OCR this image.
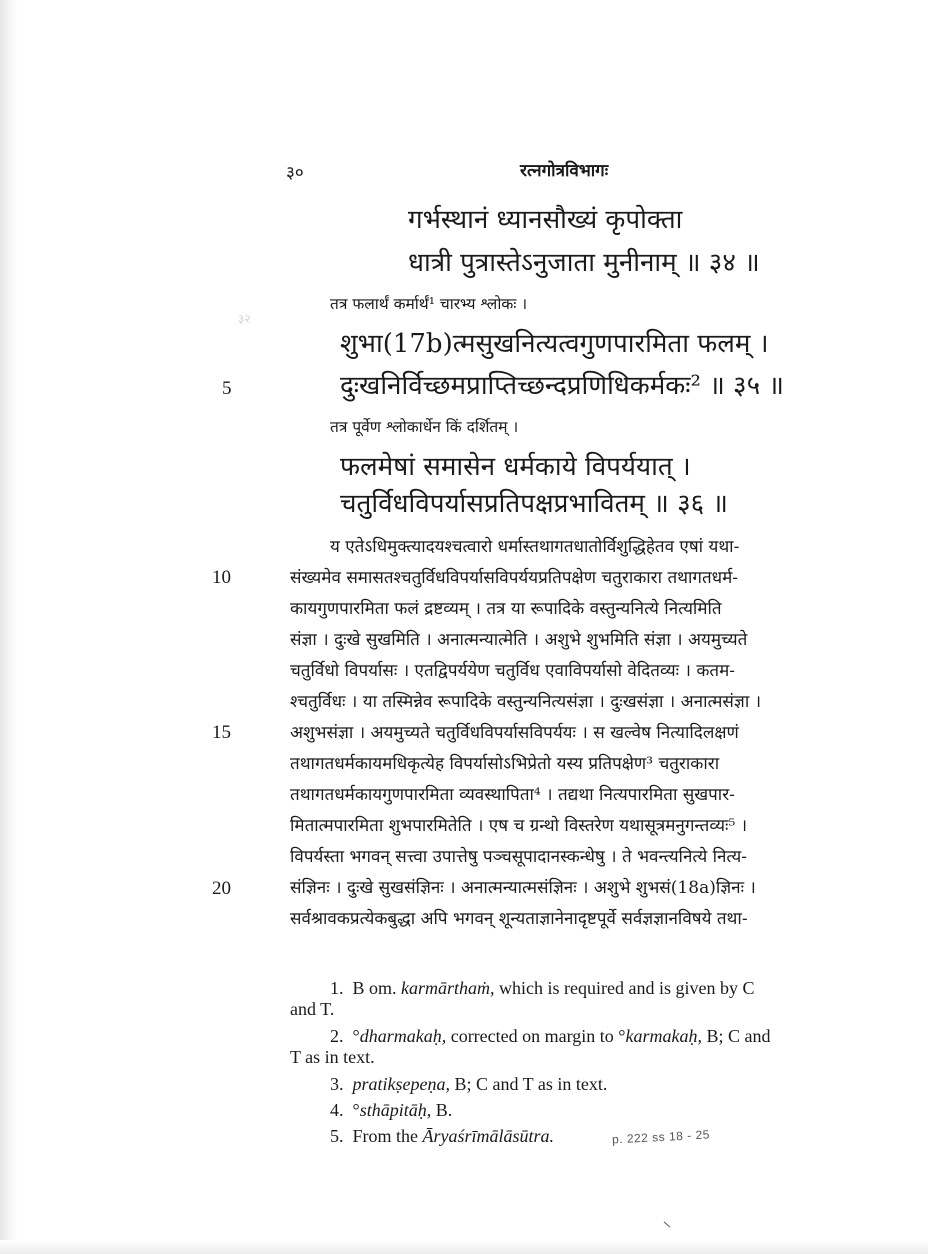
३०	रत्नगोत्रविभागः
३२
गर्भस्थानं ध्यानसौख्यं कृपोक्ता
धात्री पुत्रास्तेऽनुजाता मुनीनाम् ॥ ३४ ॥
तत्र फलार्थं कर्मार्थं¹ चारभ्य श्लोकः ।
शुभा(17b)त्मसुखनित्यत्वगुणपारमिता फलम् ।
दुःखनिर्विच्छमप्राप्तिच्छन्दप्रणिधिकर्मकः² ॥ ३५ ॥
तत्र पूर्वेण श्लोकार्धेन किं दर्शितम् ।
फलमेषां समासेन धर्मकाये विपर्ययात् ।
चतुर्विधविपर्यासप्रतिपक्षप्रभावितम् ॥ ३६ ॥
5
10
15
20
य एतेऽधिमुक्त्यादयश्चत्वारो धर्मास्तथागतधातोर्विशुद्धिहेतव एषां यथा-
संख्यमेव समासतश्चतुर्विधविपर्यासविपर्ययप्रतिपक्षेण चतुराकारा तथागतधर्म-
कायगुणपारमिता फलं द्रष्टव्यम् । तत्र या रूपादिके वस्तुन्यनित्ये नित्यमिति
संज्ञा । दुःखे सुखमिति । अनात्मन्यात्मेति । अशुभे शुभमिति संज्ञा । अयमुच्यते
चतुर्विधो विपर्यासः । एतद्विपर्ययेण चतुर्विध एवाविपर्यासो वेदितव्यः । कतम-
श्चतुर्विधः । या तस्मिन्नेव रूपादिके वस्तुन्यनित्यसंज्ञा । दुःखसंज्ञा । अनात्मसंज्ञा ।
अशुभसंज्ञा । अयमुच्यते चतुर्विधविपर्यासविपर्ययः । स खल्वेष नित्यादिलक्षणं
तथागतधर्मकायमधिकृत्येह विपर्यासोऽभिप्रेतो यस्य प्रतिपक्षेण³ चतुराकारा
तथागतधर्मकायगुणपारमिता व्यवस्थापिता⁴ । तद्यथा नित्यपारमिता सुखपार-
मितात्मपारमिता शुभपारमितेति । एष च ग्रन्थो विस्तरेण यथासूत्रमनुगन्तव्यः⁵ ।
विपर्यस्ता भगवन् सत्त्वा उपात्तेषु पञ्चसूपादानस्कन्धेषु । ते भवन्त्यनित्ये नित्य-
संज्ञिनः । दुःखे सुखसंज्ञिनः । अनात्मन्यात्मसंज्ञिनः । अशुभे शुभसं(18a)ज्ञिनः ।
सर्वश्रावकप्रत्येकबुद्धा अपि भगवन् शून्यताज्ञानेनादृष्टपूर्वे सर्वज्ञज्ञानविषये तथा-
1. B om. karmārthaṁ, which is required and is given by C
and T.
2. °dharmakaḥ, corrected on margin to °karmakaḥ, B; C and
T as in text.
3. pratikṣepeṇa, B; C and T as in text.
4. °sthāpitāḥ, B.
5. From the Āryaśrīmālāsūtra.	p. 222 ss 18 - 25
